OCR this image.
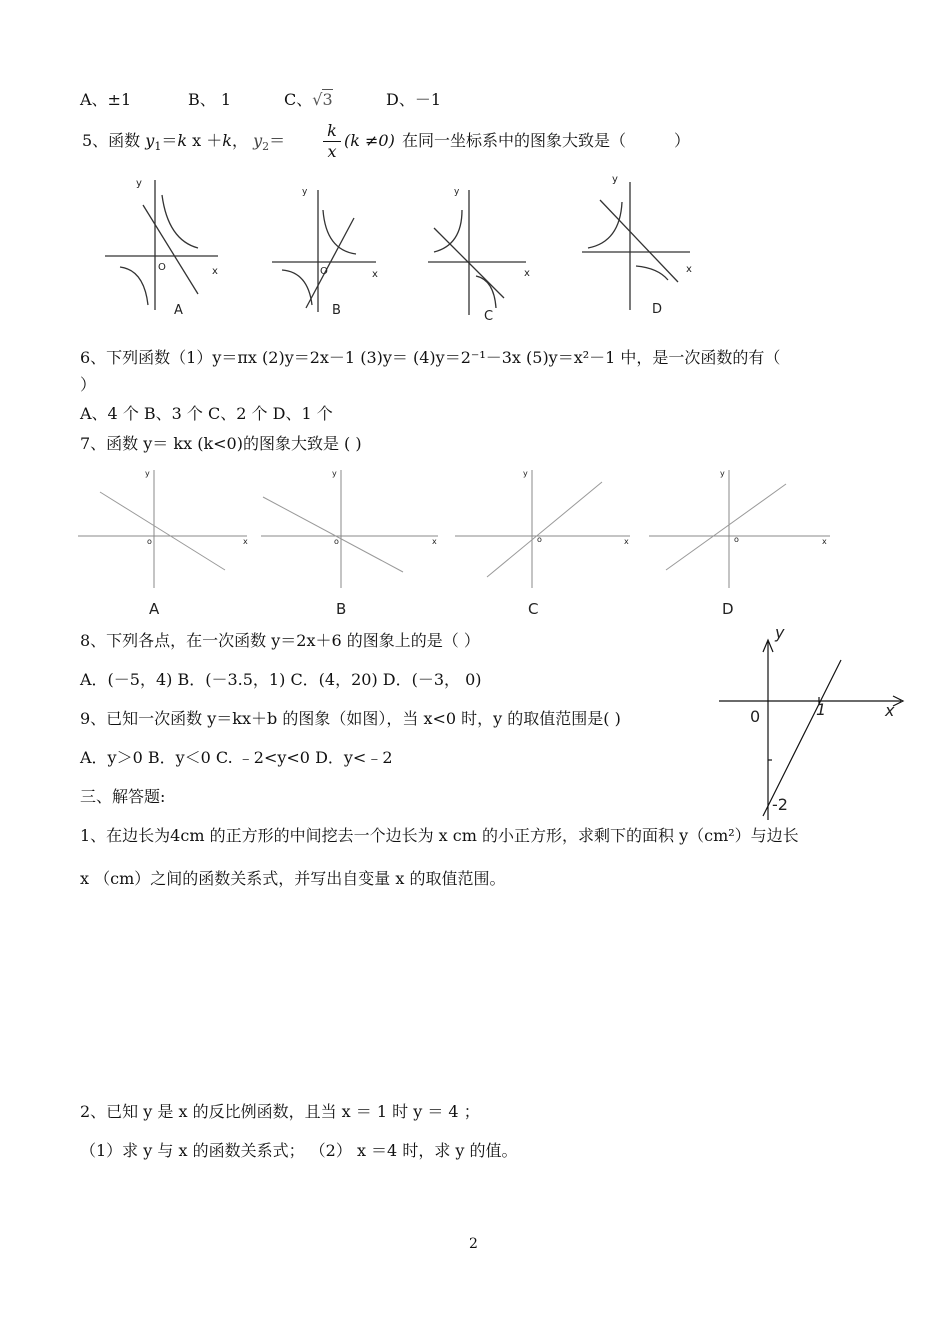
A、±1	B、 1	C、√3	D、－1
5、函数 $y_1=k$ x ＋k， $y_2= \frac{k}{x} (k \ne 0)$ 在同一坐标系中的图象大致是（　　　）
y
x
O
A
y
x
O
B
y
x
C
y
x
D
6、下列函数（1）y＝πx (2)y＝2x－1 (3)y＝ (4)y＝2⁻¹－3x (5)y＝x²－1 中，是一次函数的有（
）
A、4 个 B、3 个 C、2 个 D、1 个
7、函数 y＝ kx (k<0)的图象大致是 ( )
y
x
o
A
y
x
o
B
y
x
o
C
y
x
o
D
8、下列各点，在一次函数 y＝2x＋6 的图象上的是（ ）
A．(－5，4) B．(－3.5，1) C．(4，20) D．(－3， 0)
9、已知一次函数 y＝kx＋b 的图象（如图），当 x<0 时，y 的取值范围是( )
A．y＞0 B．y＜0 C. ﹣2<y<0 D．y<﹣2
y
x
0	1
-2
三、解答题:
1、在边长为4cm 的正方形的中间挖去一个边长为 x cm 的小正方形，求剩下的面积 y（cm²）与边长
x （cm）之间的函数关系式，并写出自变量 x 的取值范围。
2、已知 y 是 x 的反比例函数，且当 x ＝ 1 时 y ＝ 4 ；
（1）求 y 与 x 的函数关系式； （2） x ＝4 时，求 y 的值。
2
